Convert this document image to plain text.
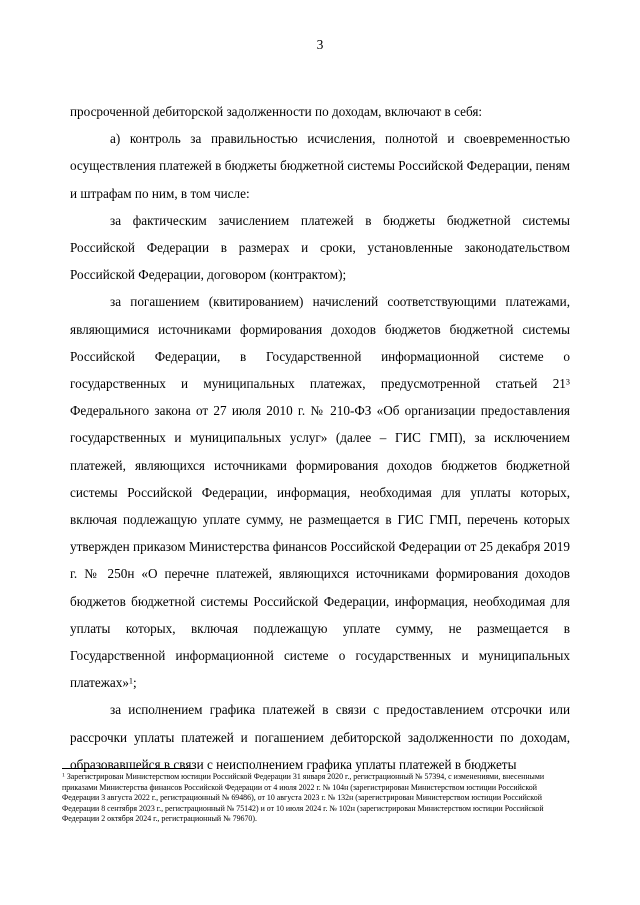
3

просроченной дебиторской задолженности по доходам, включают в себя:

а) контроль за правильностью исчисления, полнотой и своевременностью осуществления платежей в бюджеты бюджетной системы Российской Федерации, пеням и штрафам по ним, в том числе:

за фактическим зачислением платежей в бюджеты бюджетной системы Российской Федерации в размерах и сроки, установленные законодательством Российской Федерации, договором (контрактом);

за погашением (квитированием) начислений соответствующими платежами, являющимися источниками формирования доходов бюджетов бюджетной системы Российской Федерации, в Государственной информационной системе о государственных и муниципальных платежах, предусмотренной статьей $21^3$ Федерального закона от 27 июля 2010 г. № 210-ФЗ «Об организации предоставления государственных и муниципальных услуг» (далее – ГИС ГМП), за исключением платежей, являющихся источниками формирования доходов бюджетов бюджетной системы Российской Федерации, информация, необходимая для уплаты которых, включая подлежащую уплате сумму, не размещается в ГИС ГМП, перечень которых утвержден приказом Министерства финансов Российской Федерации от 25 декабря 2019 г. № 250н «О перечне платежей, являющихся источниками формирования доходов бюджетов бюджетной системы Российской Федерации, информация, необходимая для уплаты которых, включая подлежащую уплате сумму, не размещается в Государственной информационной системе о государственных и муниципальных платежах»$^1$;

за исполнением графика платежей в связи с предоставлением отсрочки или рассрочки уплаты платежей и погашением дебиторской задолженности по доходам, образовавшейся в связи с неисполнением графика уплаты платежей в бюджеты

$^1$ Зарегистрирован Министерством юстиции Российской Федерации 31 января 2020 г., регистрационный № 57394, с изменениями, внесенными приказами Министерства финансов Российской Федерации от 4 июля 2022 г. № 104н (зарегистрирован Министерством юстиции Российской Федерации 3 августа 2022 г., регистрационный № 69486), от 10 августа 2023 г. № 132н (зарегистрирован Министерством юстиции Российской Федерации 8 сентября 2023 г., регистрационный № 75142) и от 10 июля 2024 г. № 102н (зарегистрирован Министерством юстиции Российской Федерации 2 октября 2024 г., регистрационный № 79670).
